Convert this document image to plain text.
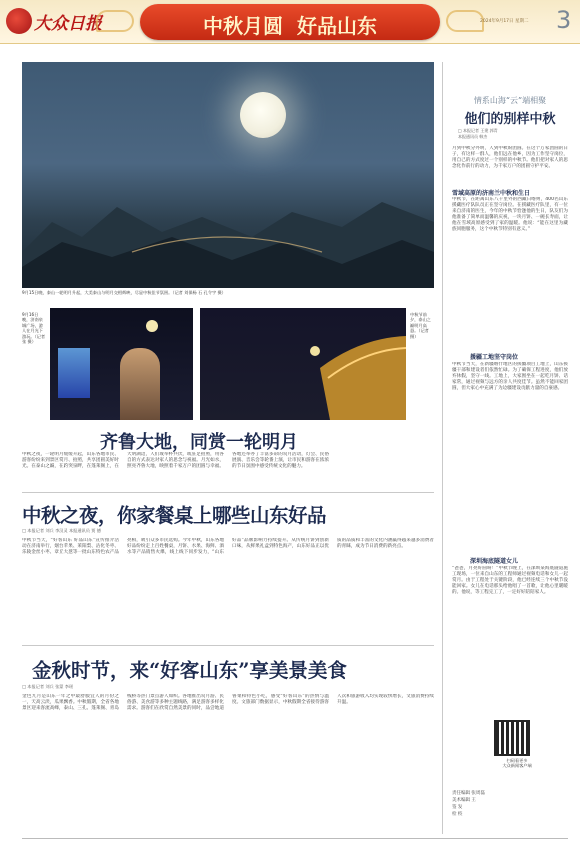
大众日报	中秋月圆  好品山东	2024年9月17日 星期二 3
9月15日晚，泰山一轮明月升起，大美泰山与明月交相辉映，尽显中秋佳节氛围。（记者 刘保杨 石 孔令宇 摄）
9月16日晚，济南泉城广场，游人在月光下游玩。（记者 张 摄）
中秋节前夕，泰山之巅明月高悬。（记者 摄）
齐鲁大地，同赏一轮明月
中秋之夜，一轮明月缓缓升起，山东各地市民、游客纷纷来到景区赏月、拍照，共享团圆美好时光。在泰山之巅，在趵突泉畔，在蓬莱阁上，在大明湖边，人们或举杯共饮，或驻足拍照，用各自的方式表达对家人的思念与祝福。月光如水，照亮齐鲁大地，映照着千家万户的团圆与幸福。各地还举办了丰富多彩的赏月活动，灯会、民俗展演、音乐会等轮番上演，让市民和游客在浓浓的节日氛围中感受传统文化的魅力。
中秋之夜，你家餐桌上哪些山东好品
□ 本报记者 刘兵 李汉灵 本报通讯员 贾 德
中秋节当天，“好客山东 好品山东”宣传推介活动在济南举行，烟台苹果、莱阳梨、沾化冬枣、乐陵金丝小枣、章丘大葱等一批山东特色农产品亮相，吸引众多市民选购。今年中秋，山东各地好品纷纷走上百姓餐桌，月饼、水果、海鲜、酒水等产品销售火爆，线上线下同步发力，“山东好品”品牌影响力持续提升。从传统月饼到创新口味，从鲜果礼盒到特色海产，山东好品正以优质的品质和丰富的文化内涵赢得越来越多消费者的青睐，成为节日消费的新亮点。
金秋时节，来“好客山东”享美景美食
□ 本报记者 刘兵 张蒙 李瑶
金色九月是山东一年之中最舒服宜人的月份之一，天高云淡，瓜果飘香。中秋假期，全省各地景区迎来客流高峰，泰山、三孔、蓬莱阁、青岛栈桥等热门景点游人如织。各地推出赏月游、民俗游、美食游等多种主题线路，满足游客多样化需求。游客们在欣赏自然美景的同时，品尝地道鲁菜和特色小吃，感受“好客山东”的热情与温度。文旅部门数据显示，中秋假期全省接待游客人次和旅游收入均实现较快增长，文旅消费持续升温。
情系山海“云”端相聚
他们的别样中秋
□ 本报记者 王建 郭青
本报通讯员 韩杰
月到中秋分外明，人到中秋盼团圆。在这个万家团圆的日子，有这样一群人，他们远在他乡，因为工作坚守岗位，用自己的方式度过一个别样的中秋节。他们把对家人的思念化作前行的动力，为千家万户的团圆守护平安。
雪域高原的济南兰中秋和生日
中秋节，在距离山东八千里外的西藏日喀则，400名山东援藏医疗队队员正在坚守岗位。在援藏医疗队里，有一位来自济南的医生，今年的中秋节恰逢他的生日，队友们为他准备了简单而温馨的庆祝，一块月饼、一碗长寿面，让他在雪域高原感受到了家的温暖。他说：“能在这里为藏族同胞服务，这个中秋节特别有意义。”
援疆工地坚守岗位
中秋节当天，在新疆喀什地区的援疆项目工地上，山东援疆干部和建设者们依然忙碌。为了确保工程进度，他们放弃休假，坚守一线。工地上，大家围坐在一起吃月饼、话家常，通过视频与远方的亲人共度佳节。虽然不能回家团圆，但大家心中充满了为边疆建设贡献力量的自豪感。
深圳海底隧道女儿
“爸爸，月亮好圆呀！”中秋节晚上，在深圳某海底隧道施工现场，一位来自山东的工程师通过视频电话和女儿一起赏月。由于工程处于关键阶段，他已经连续三个中秋节没能回家。女儿在电话那头给他唱了一首歌，让他心里暖暖的。他说，等工程完工了，一定好好陪陪家人。
扫码看更多
大众新闻客户端
责任编辑 张周磊
美术编辑 王
签 发
检 校
